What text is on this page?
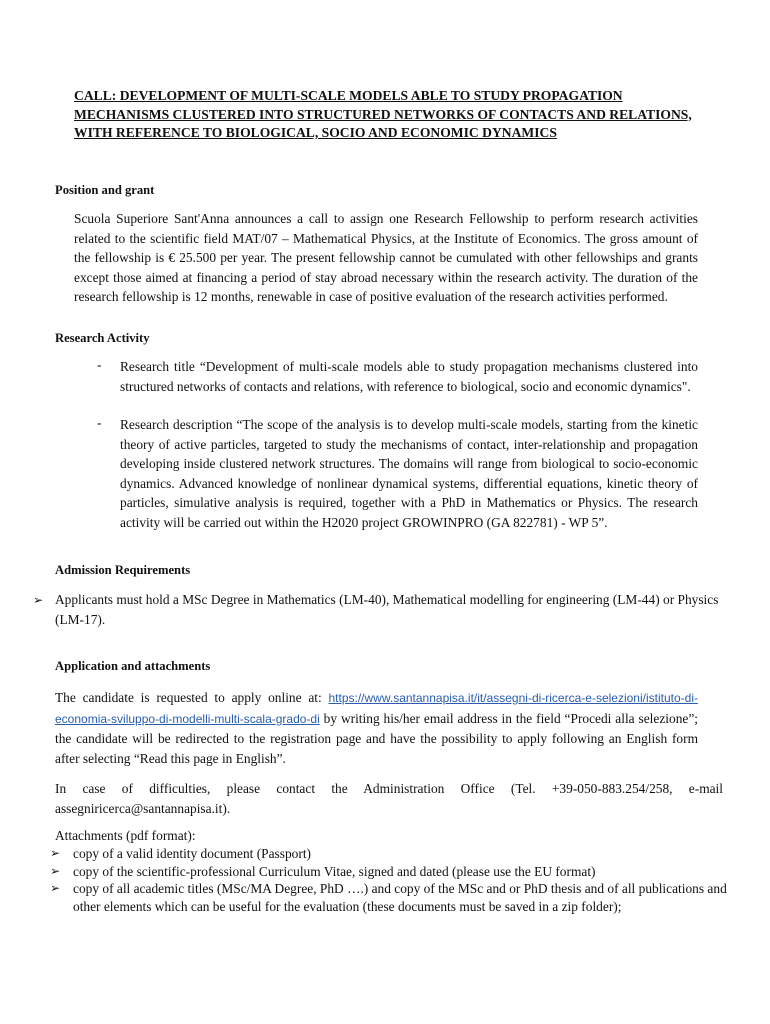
CALL: DEVELOPMENT OF MULTI-SCALE MODELS ABLE TO STUDY PROPAGATION MECHANISMS CLUSTERED INTO STRUCTURED NETWORKS OF CONTACTS AND RELATIONS, WITH REFERENCE TO BIOLOGICAL, SOCIO AND ECONOMIC DYNAMICS
Position and grant

Scuola Superiore Sant'Anna announces a call to assign one Research Fellowship to perform research activities related to the scientific field MAT/07 – Mathematical Physics, at the Institute of Economics. The gross amount of the fellowship is € 25.500 per year. The present fellowship cannot be cumulated with other fellowships and grants except those aimed at financing a period of stay abroad necessary within the research activity. The duration of the research fellowship is 12 months, renewable in case of positive evaluation of the research activities performed.

Research Activity
- Research title “Development of multi-scale models able to study propagation mechanisms clustered into structured networks of contacts and relations, with reference to biological, socio and economic dynamics".

- Research description “The scope of the analysis is to develop multi-scale models, starting from the kinetic theory of active particles, targeted to study the mechanisms of contact, inter-relationship and propagation developing inside clustered network structures. The domains will range from biological to socio-economic dynamics. Advanced knowledge of nonlinear dynamical systems, differential equations, kinetic theory of particles, simulative analysis is required, together with a PhD in Mathematics or Physics. The research activity will be carried out within the H2020 project GROWINPRO (GA 822781) - WP 5”.

Admission Requirements
➢ Applicants must hold a MSc Degree in Mathematics (LM-40), Mathematical modelling for engineering (LM-44) or Physics (LM-17).

Application and attachments

The candidate is requested to apply online at: https://www.santannapisa.it/it/assegni-di-ricerca-e-selezioni/istituto-di-economia-sviluppo-di-modelli-multi-scala-grado-di by writing his/her email address in the field “Procedi alla selezione”; the candidate will be redirected to the registration page and have the possibility to apply following an English form after selecting “Read this page in English”.

In case of difficulties, please contact the Administration Office (Tel. +39-050-883.254/258, e-mail assegniricerca@santannapisa.it).

Attachments (pdf format):

➢ copy of a valid identity document (Passport)
➢ copy of the scientific-professional Curriculum Vitae, signed and dated (please use the EU format)
➢ copy of all academic titles (MSc/MA Degree, PhD ….) and copy of the MSc and or PhD thesis and of all publications and other elements which can be useful for the evaluation (these documents must be saved in a zip folder);
